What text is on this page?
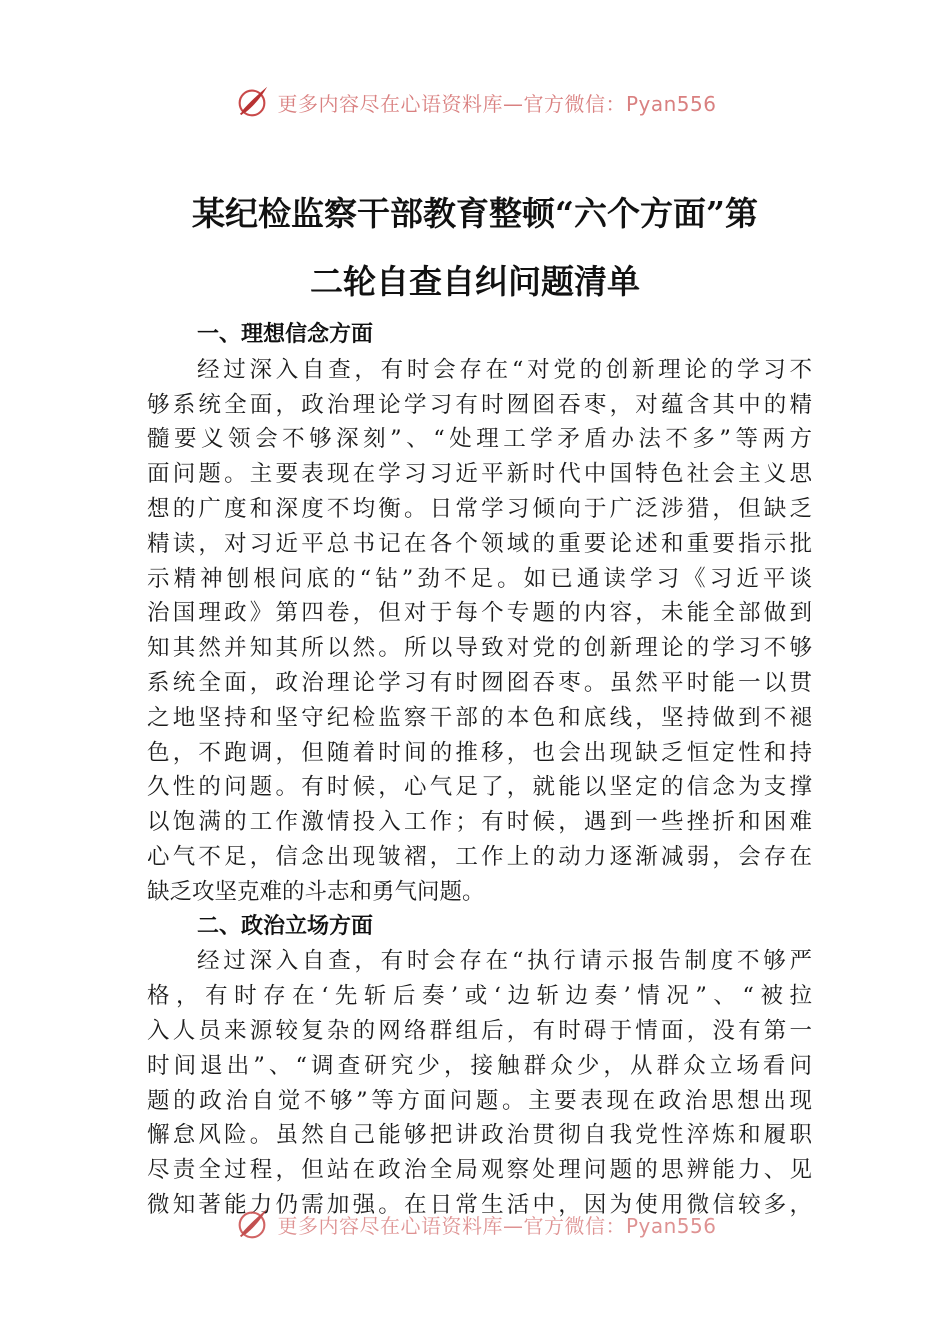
更多内容尽在心语资料库—官方微信：Pyan556
某纪检监察干部教育整顿“六个方面”第
二轮自查自纠问题清单
一、理想信念方面
经过深入自查，有时会存在“对党的创新理论的学习不
够系统全面，政治理论学习有时囫囵吞枣，对蕴含其中的精
髓要义领会不够深刻”、“处理工学矛盾办法不多”等两方
面问题。主要表现在学习习近平新时代中国特色社会主义思
想的广度和深度不均衡。日常学习倾向于广泛涉猎，但缺乏
精读，对习近平总书记在各个领域的重要论述和重要指示批
示精神刨根问底的“钻”劲不足。如已通读学习《习近平谈
治国理政》第四卷，但对于每个专题的内容，未能全部做到
知其然并知其所以然。所以导致对党的创新理论的学习不够
系统全面，政治理论学习有时囫囵吞枣。虽然平时能一以贯
之地坚持和坚守纪检监察干部的本色和底线，坚持做到不褪
色，不跑调，但随着时间的推移，也会出现缺乏恒定性和持
久性的问题。有时候，心气足了，就能以坚定的信念为支撑
以饱满的工作激情投入工作；有时候，遇到一些挫折和困难
心气不足，信念出现皱褶，工作上的动力逐渐减弱，会存在
缺乏攻坚克难的斗志和勇气问题。
二、政治立场方面
经过深入自查，有时会存在“执行请示报告制度不够严
格，有时存在‘先斩后奏’或‘边斩边奏’情况”、“被拉
入人员来源较复杂的网络群组后，有时碍于情面，没有第一
时间退出”、“调查研究少，接触群众少，从群众立场看问
题的政治自觉不够”等方面问题。主要表现在政治思想出现
懈怠风险。虽然自己能够把讲政治贯彻自我党性淬炼和履职
尽责全过程，但站在政治全局观察处理问题的思辨能力、见
微知著能力仍需加强。在日常生活中，因为使用微信较多，
更多内容尽在心语资料库—官方微信：Pyan556
